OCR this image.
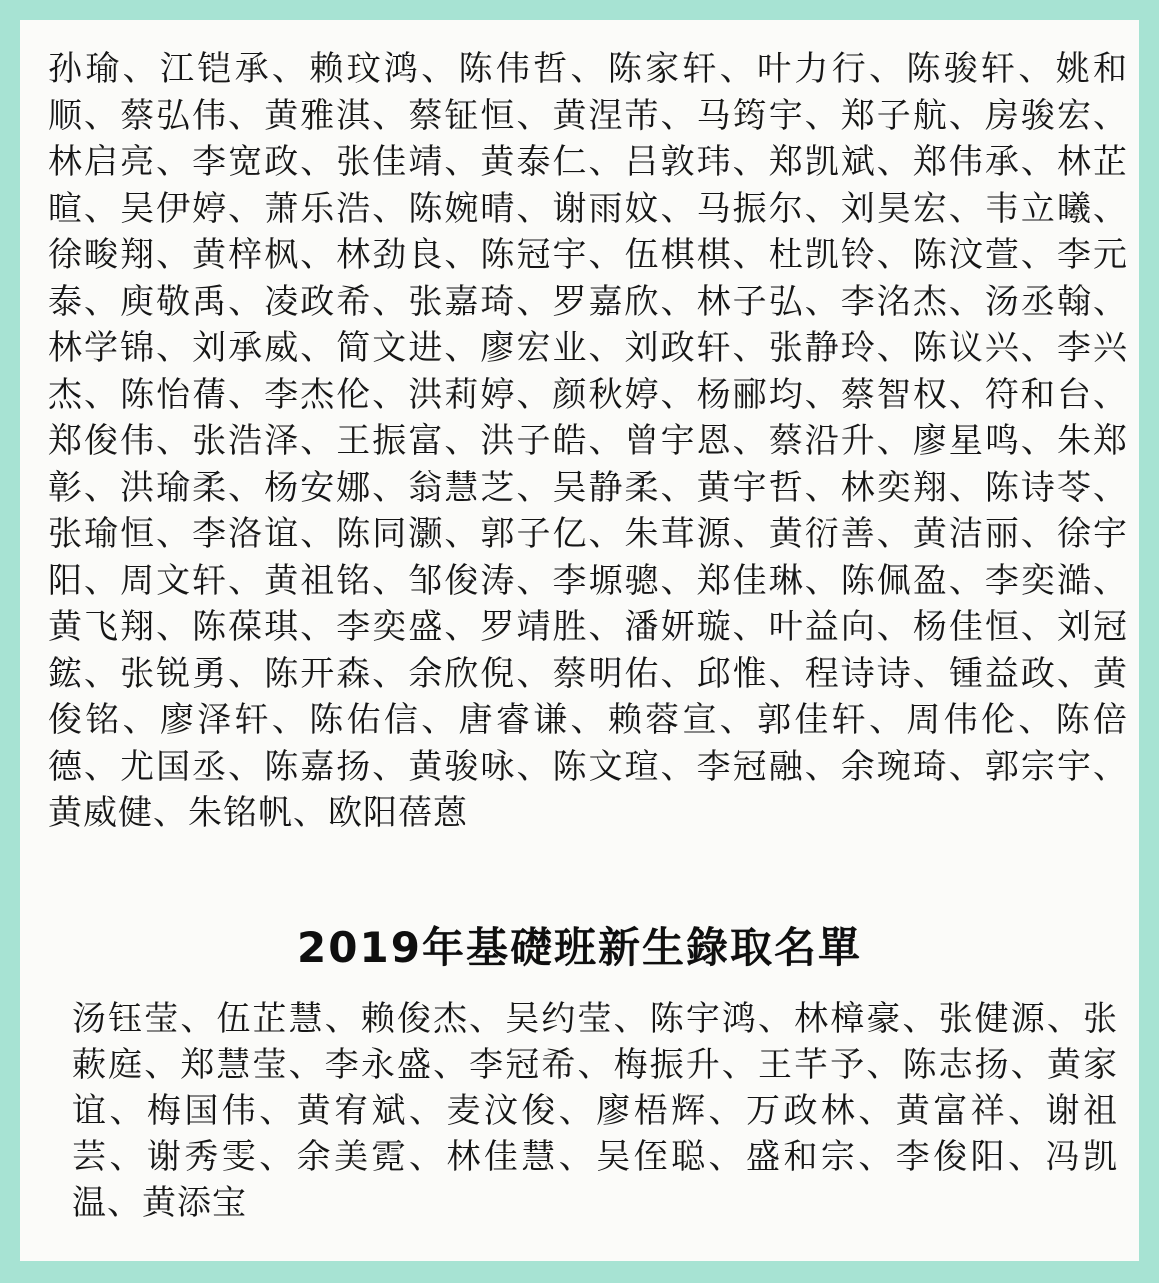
孙瑜、江铠承、赖玟鸿、陈伟哲、陈家轩、叶力行、陈骏轩、姚和顺、蔡弘伟、黄雅淇、蔡钲恒、黄涅芾、马筠宇、郑子航、房骏宏、林启亮、李宽政、张佳靖、黄泰仁、吕敦玮、郑凯斌、郑伟承、林芷暄、吴伊婷、萧乐浩、陈婉晴、谢雨妏、马振尔、刘昊宏、韦立曦、徐畯翔、黄梓枫、林劲良、陈冠宇、伍棋棋、杜凯铃、陈汶萱、李元泰、庾敬禹、凌政希、张嘉琦、罗嘉欣、林子弘、李洺杰、汤丞翰、林学锦、刘承威、简文进、廖宏业、刘政轩、张静玲、陈议兴、李兴杰、陈怡蒨、李杰伦、洪莉婷、颜秋婷、杨郦均、蔡智权、符和台、郑俊伟、张浩泽、王振富、洪子皓、曾宇恩、蔡沿升、廖星鸣、朱郑彰、洪瑜柔、杨安娜、翁慧芝、吴静柔、黄宇哲、林奕翔、陈诗苓、张瑜恒、李洛谊、陈同灏、郭子亿、朱茸源、黄衍善、黄洁丽、徐宇阳、周文轩、黄祖铭、邹俊涛、李塬骢、郑佳琳、陈佩盈、李奕澔、黄飞翔、陈葆琪、李奕盛、罗靖胜、潘妍璇、叶益向、杨佳恒、刘冠鋐、张锐勇、陈开森、余欣倪、蔡明佑、邱惟、程诗诗、锺益政、黄俊铭、廖泽轩、陈佑信、唐睿谦、赖蓉宣、郭佳轩、周伟伦、陈倍德、尤国丞、陈嘉扬、黄骏咏、陈文瑄、李冠融、余琬琦、郭宗宇、黄威健、朱铭帆、欧阳蓓蒽

2019年基礎班新生錄取名單

汤钰莹、伍芷慧、赖俊杰、吴约莹、陈宇鸿、林樟豪、张健源、张蔌庭、郑慧莹、李永盛、李冠希、梅振升、王芊予、陈志扬、黄家谊、梅国伟、黄宥斌、麦汶俊、廖梧辉、万政林、黄富祥、谢祖芸、谢秀雯、余美霓、林佳慧、吴侄聪、盛和宗、李俊阳、冯凯温、黄添宝
